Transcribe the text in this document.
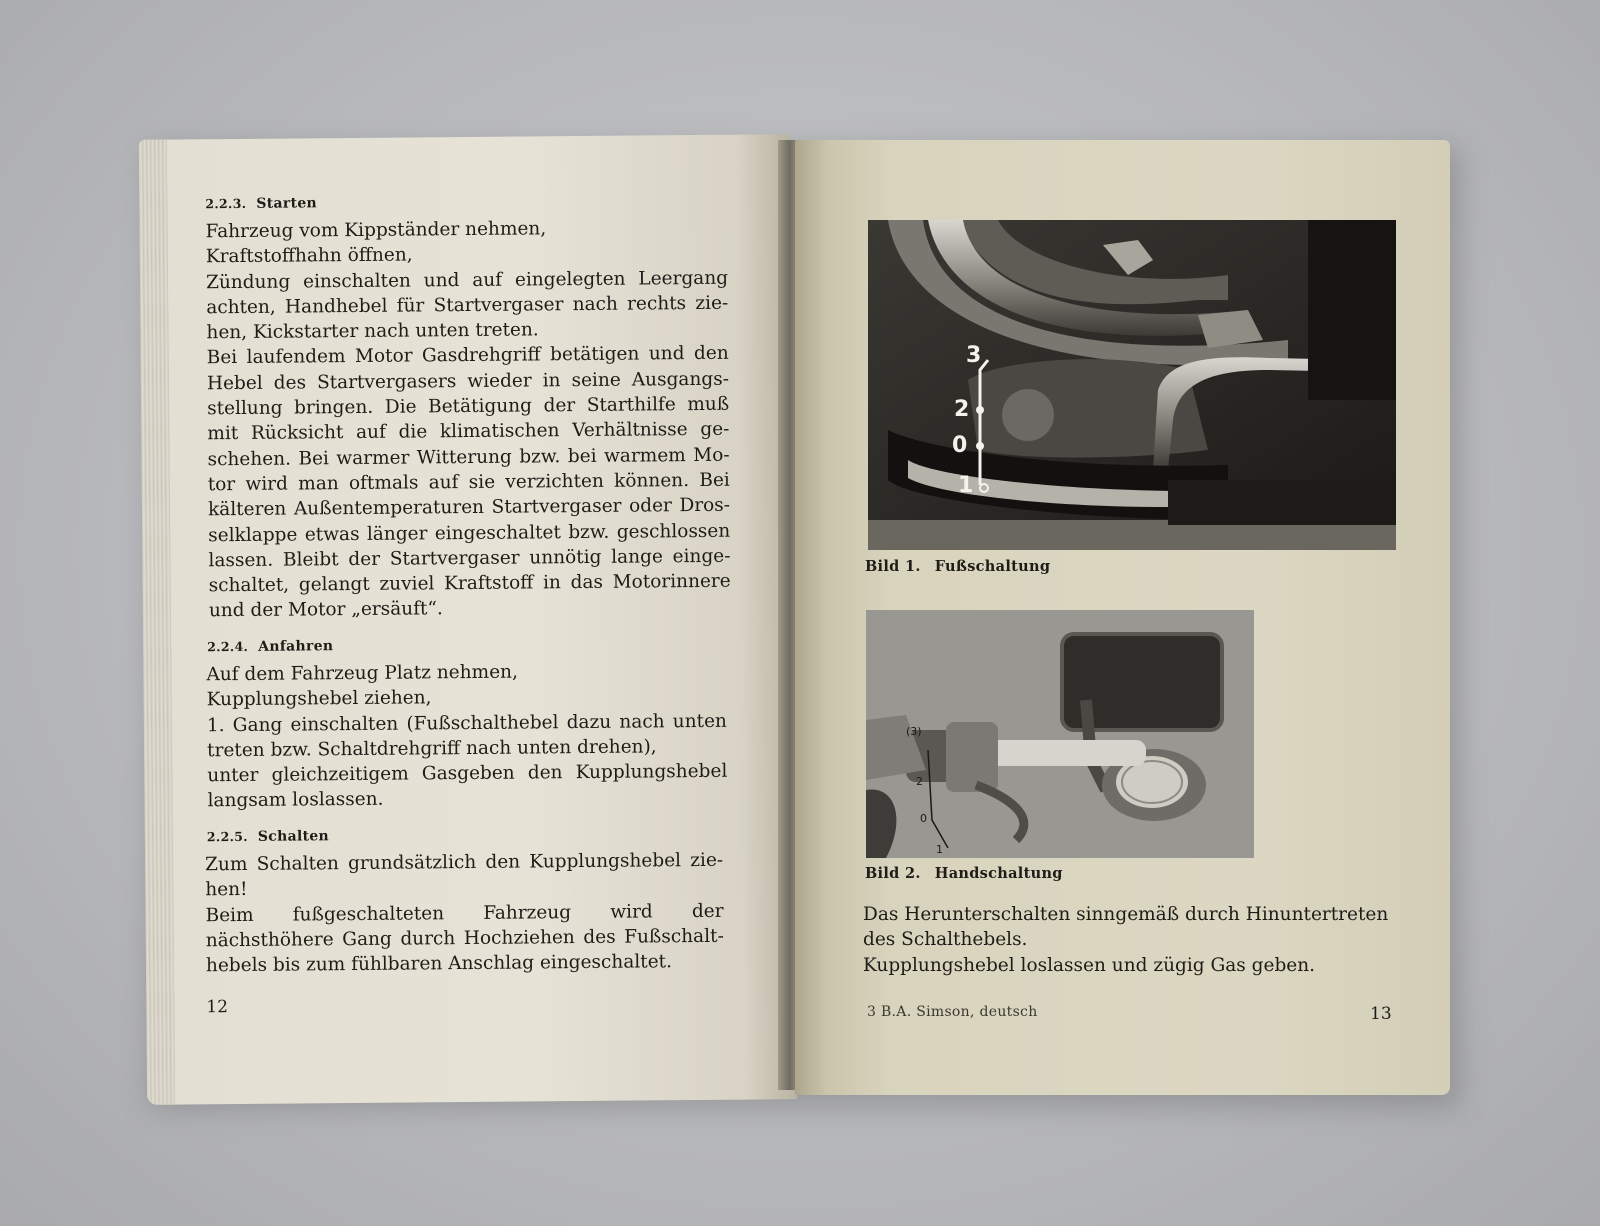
2.2.3. Starten
Fahrzeug vom Kippständer nehmen,
Kraftstoffhahn öffnen,
Zündung einschalten und auf eingelegten Leergang
achten, Handhebel für Startvergaser nach rechts zie-
hen, Kickstarter nach unten treten.
Bei laufendem Motor Gasdrehgriff betätigen und den
Hebel des Startvergasers wieder in seine Ausgangs-
stellung bringen. Die Betätigung der Starthilfe muß
mit Rücksicht auf die klimatischen Verhältnisse ge-
schehen. Bei warmer Witterung bzw. bei warmem Mo-
tor wird man oftmals auf sie verzichten können. Bei
kälteren Außentemperaturen Startvergaser oder Dros-
selklappe etwas länger eingeschaltet bzw. geschlossen
lassen. Bleibt der Startvergaser unnötig lange einge-
schaltet, gelangt zuviel Kraftstoff in das Motorinnere
und der Motor „ersäuft“.
2.2.4. Anfahren
Auf dem Fahrzeug Platz nehmen,
Kupplungshebel ziehen,
1. Gang einschalten (Fußschalthebel dazu nach unten
treten bzw. Schaltdrehgriff nach unten drehen),
unter gleichzeitigem Gasgeben den Kupplungshebel
langsam loslassen.
2.2.5. Schalten
Zum Schalten grundsätzlich den Kupplungshebel zie-
hen!
Beim fußgeschalteten Fahrzeug wird der
nächsthöhere Gang durch Hochziehen des Fußschalt-
hebels bis zum fühlbaren Anschlag eingeschaltet.
12
3
2
0
1
Bild 1. Fußschaltung
(3)
2
0
1
Bild 2. Handschaltung
Das Herunterschalten sinngemäß durch Hinuntertreten
des Schalthebels.
Kupplungshebel loslassen und zügig Gas geben.
3 B.A. Simson, deutsch	13
